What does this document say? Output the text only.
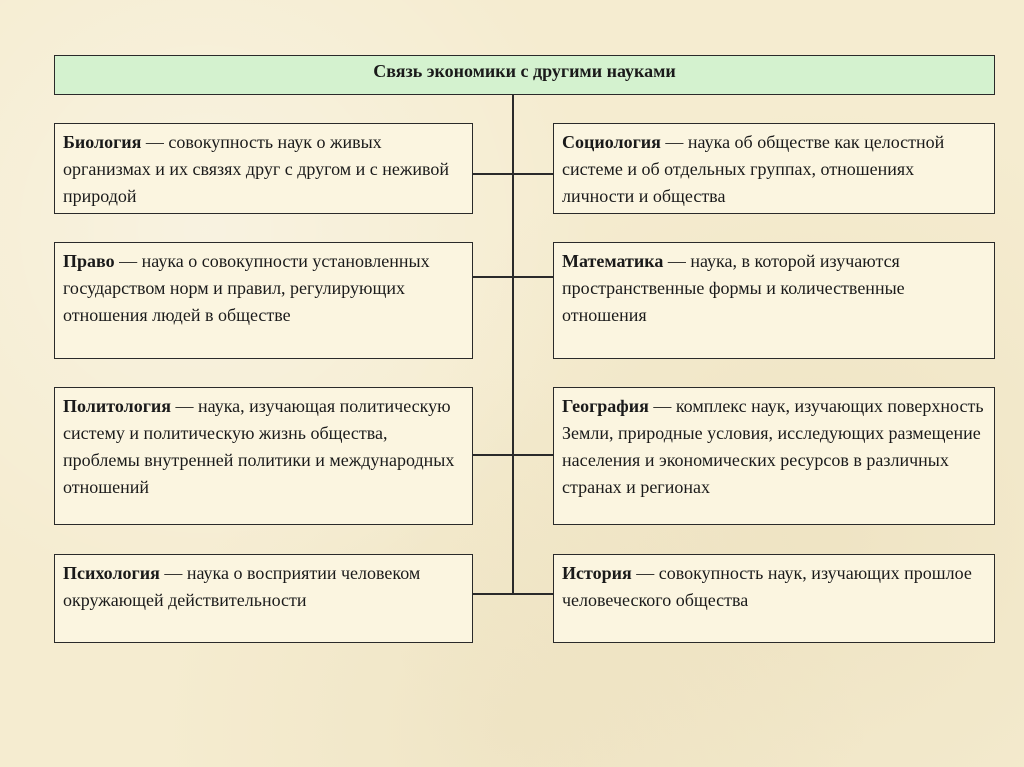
Связь экономики с другими науками
Биология — совокупность наук о живых организмах и их связях друг с другом и с неживой природой
Право — наука о совокупности установленных государством норм и правил, регулирующих отношения людей в обществе
Политология — наука, изучающая политическую систему и политическую жизнь общества, проблемы внутренней политики и международных отношений
Психология — наука о восприятии человеком окружающей действительности
Социология — наука об обществе как целостной системе и об отдельных группах, отношениях личности и общества
Математика — наука, в которой изучаются пространственные формы и количественные отношения
География — комплекс наук, изучающих поверхность Земли, природные условия, исследующих размещение населения и экономических ресурсов в различных странах и регионах
История — совокупность наук, изучающих прошлое человеческого общества
